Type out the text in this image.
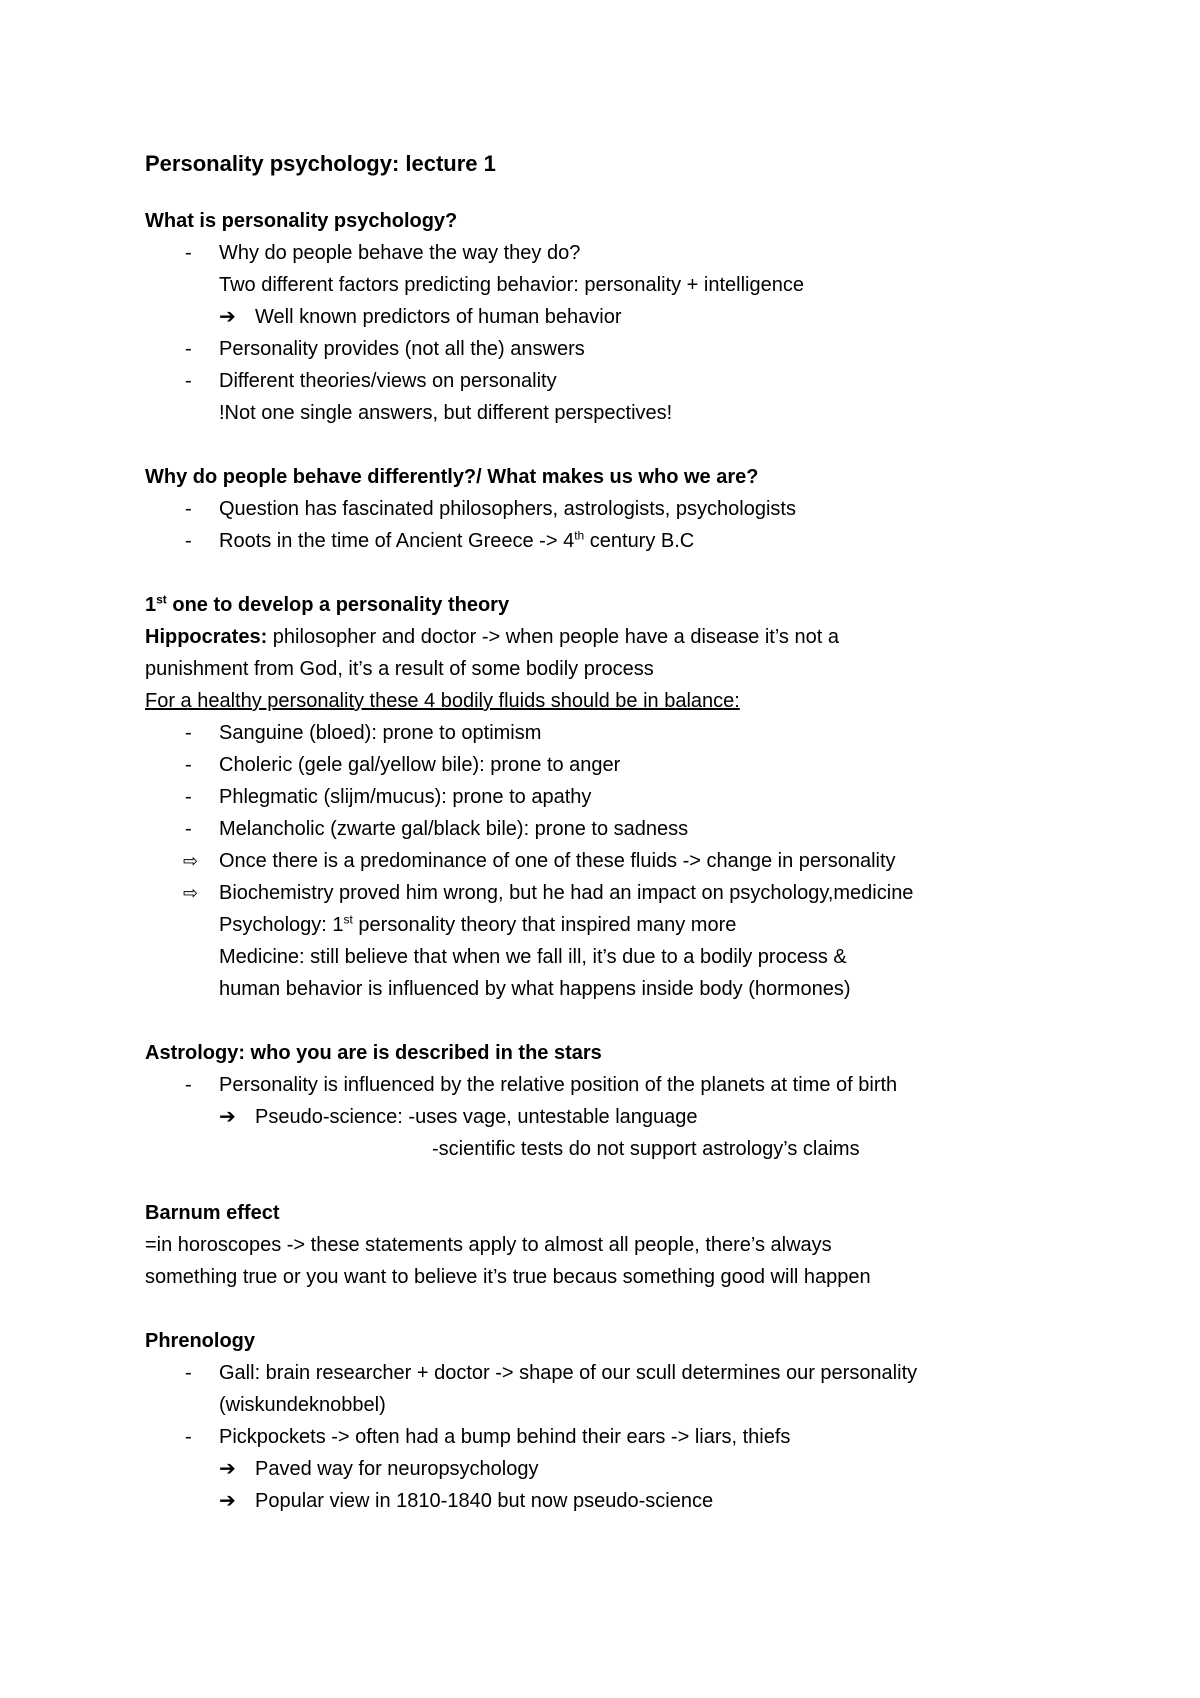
Personality psychology: lecture 1

What is personality psychology?

-	Why do people behave the way they do?
Two different factors predicting behavior: personality + intelligence
➔ Well known predictors of human behavior
-	Personality provides (not all the) answers
-	Different theories/views on personality
!Not one single answers, but different perspectives!

Why do people behave differently?/ What makes us who we are?

-	Question has fascinated philosophers, astrologists, psychologists
-	Roots in the time of Ancient Greece -> 4th century B.C

1st one to develop a personality theory

Hippocrates: philosopher and doctor -> when people have a disease it’s not a

punishment from God, it’s a result of some bodily process

For a healthy personality these 4 bodily fluids should be in balance:

-	Sanguine (bloed): prone to optimism
-	Choleric (gele gal/yellow bile): prone to anger
-	Phlegmatic (slijm/mucus): prone to apathy
-	Melancholic (zwarte gal/black bile): prone to sadness
⇨ Once there is a predominance of one of these fluids -> change in personality
⇨ Biochemistry proved him wrong, but he had an impact on psychology,medicine
Psychology: 1st personality theory that inspired many more
Medicine: still believe that when we fall ill, it’s due to a bodily process &
human behavior is influenced by what happens inside body (hormones)

Astrology: who you are is described in the stars

-	Personality is influenced by the relative position of the planets at time of birth
➔ Pseudo-science: -uses vage, untestable language
-scientific tests do not support astrology’s claims

Barnum effect

=in horoscopes -> these statements apply to almost all people, there’s always

something true or you want to believe it’s true becaus something good will happen

Phrenology

-	Gall: brain researcher + doctor -> shape of our scull determines our personality
(wiskundeknobbel)
-	Pickpockets -> often had a bump behind their ears -> liars, thiefs
➔ Paved way for neuropsychology
➔ Popular view in 1810-1840 but now pseudo-science
